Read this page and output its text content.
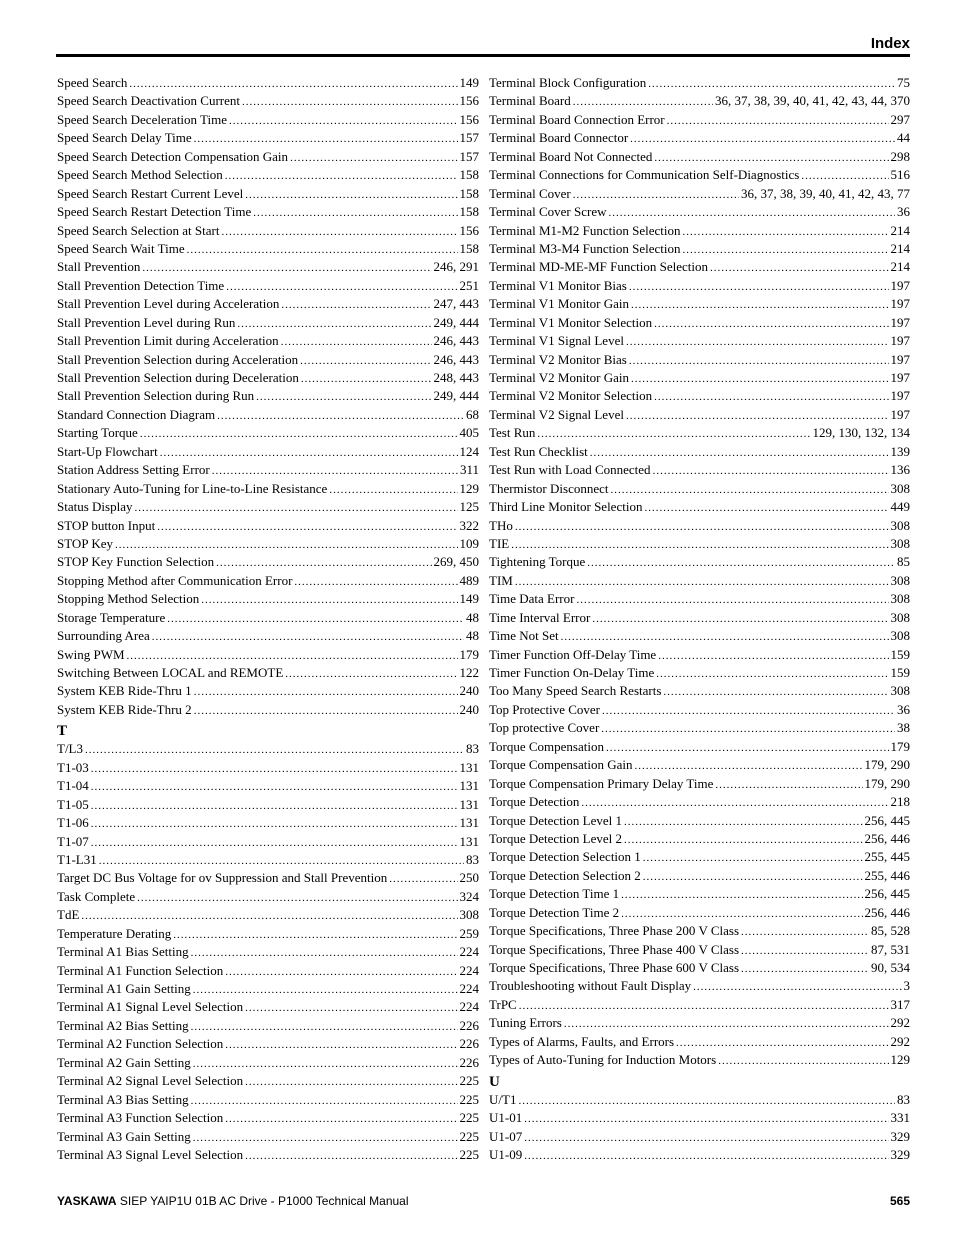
Index
Speed Search .....	149
Speed Search Deactivation Current .....	156
Speed Search Deceleration Time .....	156
Speed Search Delay Time .....	157
Speed Search Detection Compensation Gain .....	157
Speed Search Method Selection .....	158
Speed Search Restart Current Level .....	158
Speed Search Restart Detection Time .....	158
Speed Search Selection at Start .....	156
Speed Search Wait Time .....	158
Stall Prevention .....	246, 291
Stall Prevention Detection Time .....	251
Stall Prevention Level during Acceleration .....	247, 443
Stall Prevention Level during Run .....	249, 444
Stall Prevention Limit during Acceleration .....	246, 443
Stall Prevention Selection during Acceleration .....	246, 443
Stall Prevention Selection during Deceleration .....	248, 443
Stall Prevention Selection during Run .....	249, 444
Standard Connection Diagram .....	68
Starting Torque .....	405
Start-Up Flowchart .....	124
Station Address Setting Error .....	311
Stationary Auto-Tuning for Line-to-Line Resistance .....	129
Status Display .....	125
STOP button Input .....	322
STOP Key .....	109
STOP Key Function Selection .....	269, 450
Stopping Method after Communication Error .....	489
Stopping Method Selection .....	149
Storage Temperature .....	48
Surrounding Area .....	48
Swing PWM .....	179
Switching Between LOCAL and REMOTE .....	122
System KEB Ride-Thru 1 .....	240
System KEB Ride-Thru 2 .....	240
T
T/L3 .....	83
T1-03 .....	131
T1-04 .....	131
T1-05 .....	131
T1-06 .....	131
T1-07 .....	131
T1-L31 .....	83
Target DC Bus Voltage for ov Suppression and Stall Prevention .....	250
Task Complete .....	324
TdE .....	308
Temperature Derating .....	259
Terminal A1 Bias Setting .....	224
Terminal A1 Function Selection .....	224
Terminal A1 Gain Setting .....	224
Terminal A1 Signal Level Selection .....	224
Terminal A2 Bias Setting .....	226
Terminal A2 Function Selection .....	226
Terminal A2 Gain Setting .....	226
Terminal A2 Signal Level Selection .....	225
Terminal A3 Bias Setting .....	225
Terminal A3 Function Selection .....	225
Terminal A3 Gain Setting .....	225
Terminal A3 Signal Level Selection .....	225
Terminal Block Configuration .....	75
Terminal Board .....	36, 37, 38, 39, 40, 41, 42, 43, 44, 370
Terminal Board Connection Error .....	297
Terminal Board Connector .....	44
Terminal Board Not Connected .....	298
Terminal Connections for Communication Self-Diagnostics .....	516
Terminal Cover .....	36, 37, 38, 39, 40, 41, 42, 43, 77
Terminal Cover Screw .....	36
Terminal M1-M2 Function Selection .....	214
Terminal M3-M4 Function Selection .....	214
Terminal MD-ME-MF Function Selection .....	214
Terminal V1 Monitor Bias .....	197
Terminal V1 Monitor Gain .....	197
Terminal V1 Monitor Selection .....	197
Terminal V1 Signal Level .....	197
Terminal V2 Monitor Bias .....	197
Terminal V2 Monitor Gain .....	197
Terminal V2 Monitor Selection .....	197
Terminal V2 Signal Level .....	197
Test Run .....	129, 130, 132, 134
Test Run Checklist .....	139
Test Run with Load Connected .....	136
Thermistor Disconnect .....	308
Third Line Monitor Selection .....	449
THo .....	308
TIE .....	308
Tightening Torque .....	85
TIM .....	308
Time Data Error .....	308
Time Interval Error .....	308
Time Not Set .....	308
Timer Function Off-Delay Time .....	159
Timer Function On-Delay Time .....	159
Too Many Speed Search Restarts .....	308
Top Protective Cover .....	36
Top protective Cover .....	38
Torque Compensation .....	179
Torque Compensation Gain .....	179, 290
Torque Compensation Primary Delay Time .....	179, 290
Torque Detection .....	218
Torque Detection Level 1 .....	256, 445
Torque Detection Level 2 .....	256, 446
Torque Detection Selection 1 .....	255, 445
Torque Detection Selection 2 .....	255, 446
Torque Detection Time 1 .....	256, 445
Torque Detection Time 2 .....	256, 446
Torque Specifications, Three Phase 200 V Class .....	85, 528
Torque Specifications, Three Phase 400 V Class .....	87, 531
Torque Specifications, Three Phase 600 V Class .....	90, 534
Troubleshooting without Fault Display .....	3
TrPC .....	317
Tuning Errors .....	292
Types of Alarms, Faults, and Errors .....	292
Types of Auto-Tuning for Induction Motors .....	129
U
U/T1 .....	83
U1-01 .....	331
U1-07 .....	329
U1-09 .....	329
YASKAWA SIEP YAIP1U 01B AC Drive - P1000 Technical Manual	565
